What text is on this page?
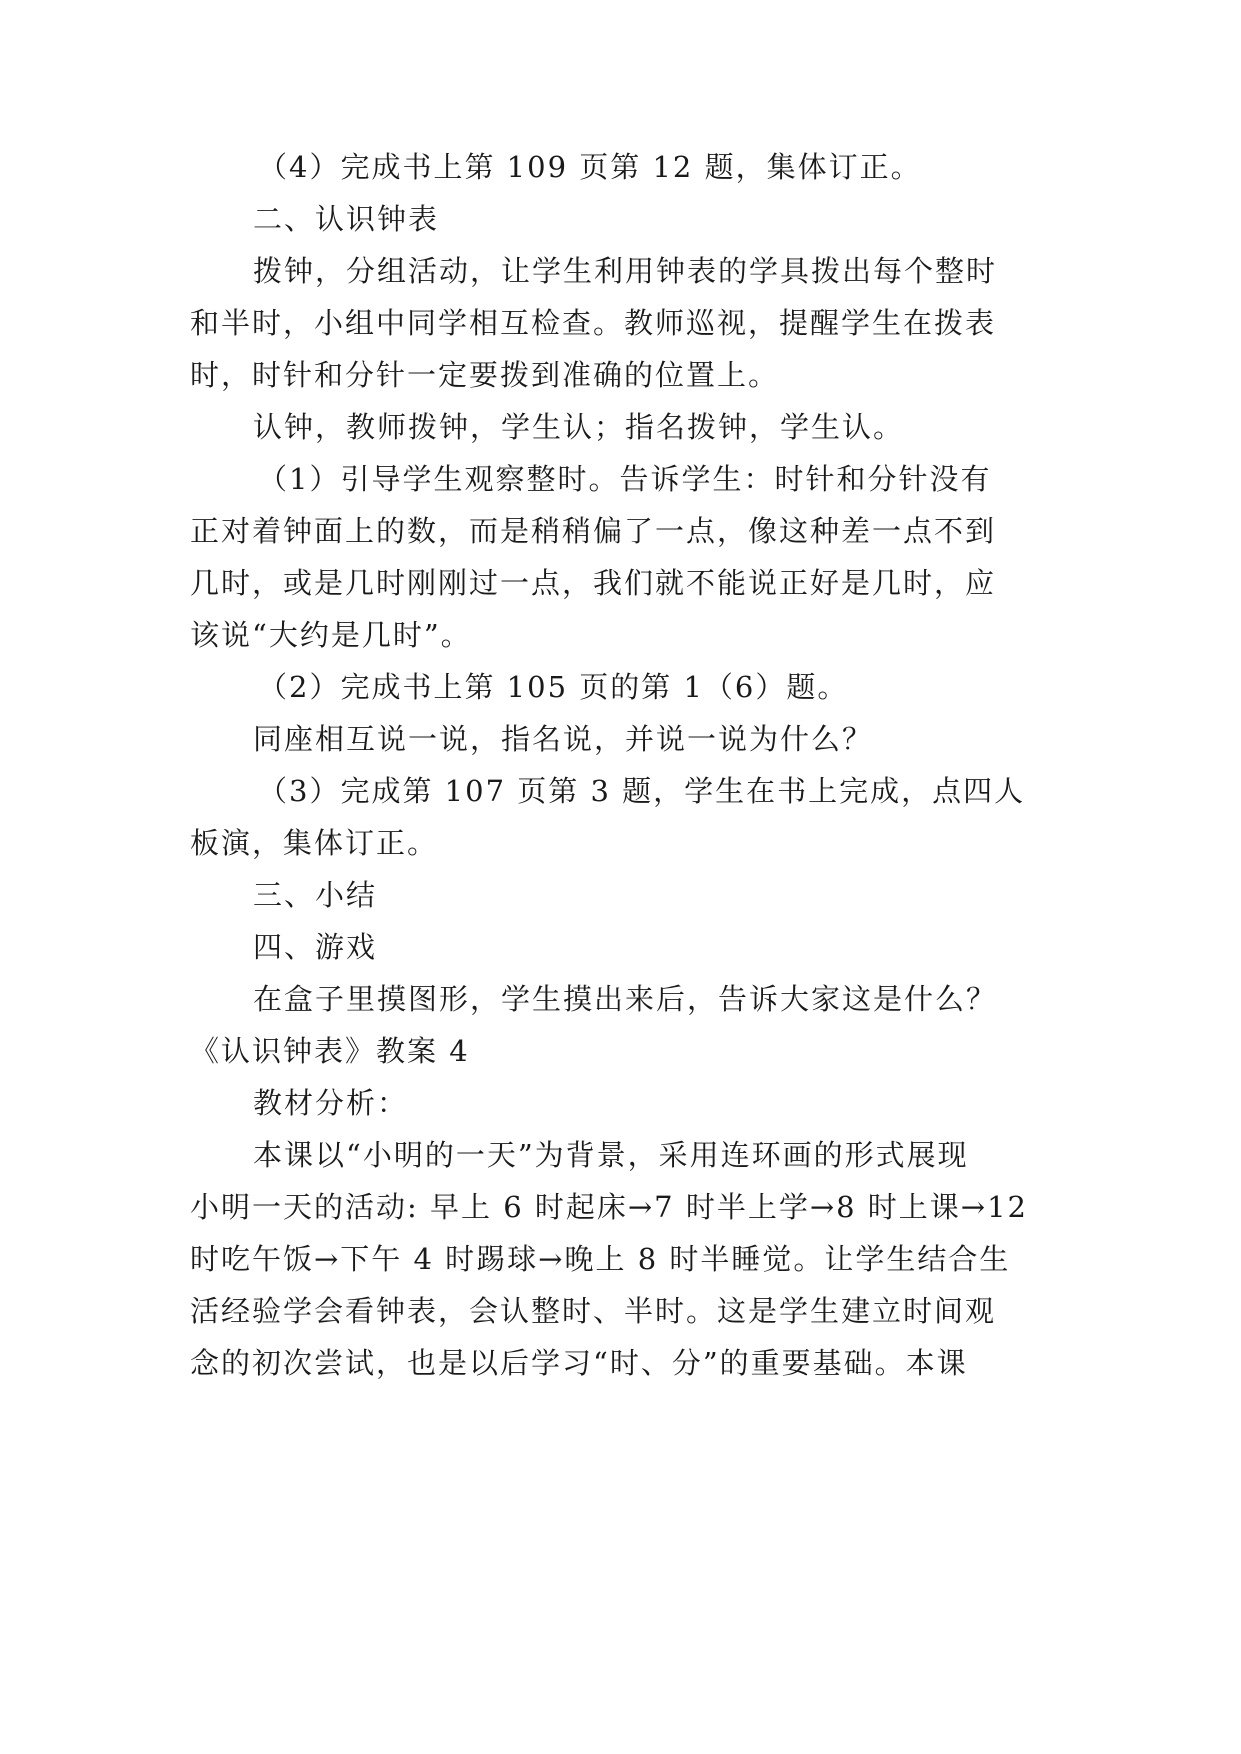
（4）完成书上第 109 页第 12 题，集体订正。
二、认识钟表
拨钟，分组活动，让学生利用钟表的学具拨出每个整时
和半时，小组中同学相互检查。教师巡视，提醒学生在拨表
时，时针和分针一定要拨到准确的位置上。
认钟，教师拨钟，学生认；指名拨钟，学生认。
（1）引导学生观察整时。告诉学生：时针和分针没有
正对着钟面上的数，而是稍稍偏了一点，像这种差一点不到
几时，或是几时刚刚过一点，我们就不能说正好是几时，应
该说“大约是几时”。
（2）完成书上第 105 页的第 1（6）题。
同座相互说一说，指名说，并说一说为什么？
（3）完成第 107 页第 3 题，学生在书上完成，点四人
板演，集体订正。
三、小结
四、游戏
在盒子里摸图形，学生摸出来后，告诉大家这是什么？
《认识钟表》教案 4
教材分析：
本课以“小明的一天”为背景，采用连环画的形式展现
小明一天的活动: 早上 6 时起床→7 时半上学→8 时上课→12
时吃午饭→下午 4 时踢球→晚上 8 时半睡觉。让学生结合生
活经验学会看钟表，会认整时、半时。这是学生建立时间观
念的初次尝试，也是以后学习“时、分”的重要基础。本课
